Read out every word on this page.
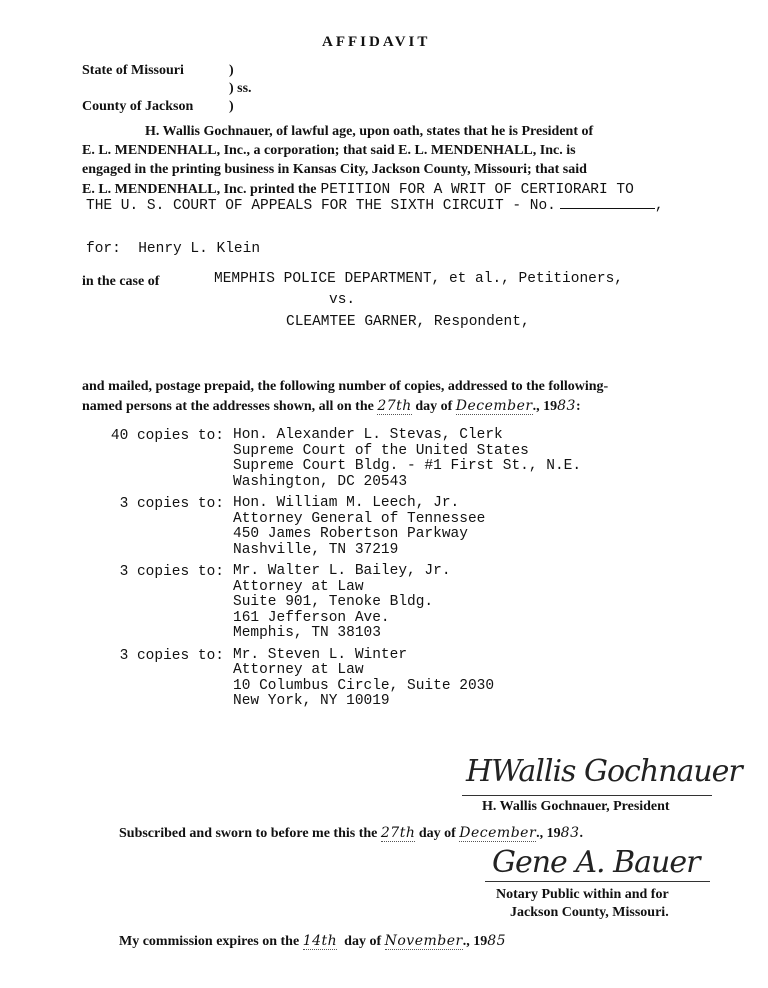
AFFIDAVIT
State of Missouri	)
) ss.
County of Jackson	)
H. Wallis Gochnauer, of lawful age, upon oath, states that he is President of
E. L. MENDENHALL, Inc., a corporation; that said E. L. MENDENHALL, Inc. is
engaged in the printing business in Kansas City, Jackson County, Missouri; that said
E. L. MENDENHALL, Inc. printed the PETITION FOR A WRIT OF CERTIORARI TO
THE U. S. COURT OF APPEALS FOR THE SIXTH CIRCUIT - No.	,
for: Henry L. Klein
in the case of	MEMPHIS POLICE DEPARTMENT, et al., Petitioners,
vs.
CLEAMTEE GARNER, Respondent,
and mailed, postage prepaid, the following number of copies, addressed to the following-
named persons at the addresses shown, all on the 27th day of December., 1983:
40 copies to: Hon. Alexander L. Stevas, Clerk
Supreme Court of the United States
Supreme Court Bldg. - #1 First St., N.E.
Washington, DC 20543
3 copies to: Hon. William M. Leech, Jr.
Attorney General of Tennessee
450 James Robertson Parkway
Nashville, TN 37219
3 copies to: Mr. Walter L. Bailey, Jr.
Attorney at Law
Suite 901, Tenoke Bldg.
161 Jefferson Ave.
Memphis, TN 38103
3 copies to: Mr. Steven L. Winter
Attorney at Law
10 Columbus Circle, Suite 2030
New York, NY 10019
HWallis Gochnauer
H. Wallis Gochnauer, President
Subscribed and sworn to before me this the 27th day of December., 1983.
Gene A. Bauer
Notary Public within and for
Jackson County, Missouri.
My commission expires on the 14th day of November., 1985
